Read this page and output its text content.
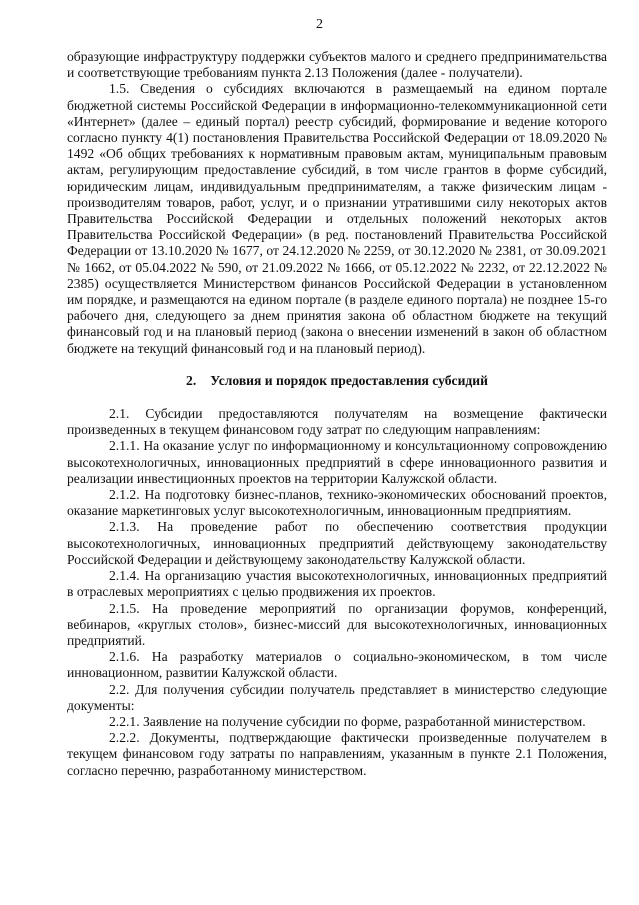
2

образующие инфраструктуру поддержки субъектов малого и среднего предпринимательства и соответствующие требованиям пункта 2.13 Положения (далее - получатели).

1.5. Сведения о субсидиях включаются в размещаемый на едином портале бюджетной системы Российской Федерации в информационно-телекоммуникационной сети «Интернет» (далее – единый портал) реестр субсидий, формирование и ведение которого согласно пункту 4(1) постановления Правительства Российской Федерации от 18.09.2020 № 1492 «Об общих требованиях к нормативным правовым актам, муниципальным правовым актам, регулирующим предоставление субсидий, в том числе грантов в форме субсидий, юридическим лицам, индивидуальным предпринимателям, а также физическим лицам - производителям товаров, работ, услуг, и о признании утратившими силу некоторых актов Правительства Российской Федерации и отдельных положений некоторых актов Правительства Российской Федерации» (в ред. постановлений Правительства Российской Федерации от 13.10.2020 № 1677, от 24.12.2020 № 2259, от 30.12.2020 № 2381, от 30.09.2021 № 1662, от 05.04.2022 № 590, от 21.09.2022 № 1666, от 05.12.2022 № 2232, от 22.12.2022 № 2385) осуществляется Министерством финансов Российской Федерации в установленном им порядке, и размещаются на едином портале (в разделе единого портала) не позднее 15-го рабочего дня, следующего за днем принятия закона об областном бюджете на текущий финансовый год и на плановый период (закона о внесении изменений в закон об областном бюджете на текущий финансовый год и на плановый период).

2. Условия и порядок предоставления субсидий

2.1. Субсидии предоставляются получателям на возмещение фактически произведенных в текущем финансовом году затрат по следующим направлениям:

2.1.1. На оказание услуг по информационному и консультационному сопровождению высокотехнологичных, инновационных предприятий в сфере инновационного развития и реализации инвестиционных проектов на территории Калужской области.

2.1.2. На подготовку бизнес-планов, технико-экономических обоснований проектов, оказание маркетинговых услуг высокотехнологичным, инновационным предприятиям.

2.1.3. На проведение работ по обеспечению соответствия продукции высокотехнологичных, инновационных предприятий действующему законодательству Российской Федерации и действующему законодательству Калужской области.

2.1.4. На организацию участия высокотехнологичных, инновационных предприятий в отраслевых мероприятиях с целью продвижения их проектов.

2.1.5. На проведение мероприятий по организации форумов, конференций, вебинаров, «круглых столов», бизнес-миссий для высокотехнологичных, инновационных предприятий.

2.1.6. На разработку материалов о социально-экономическом, в том числе инновационном, развитии Калужской области.

2.2. Для получения субсидии получатель представляет в министерство следующие документы:

2.2.1. Заявление на получение субсидии по форме, разработанной министерством.

2.2.2. Документы, подтверждающие фактически произведенные получателем в текущем финансовом году затраты по направлениям, указанным в пункте 2.1 Положения, согласно перечню, разработанному министерством.
